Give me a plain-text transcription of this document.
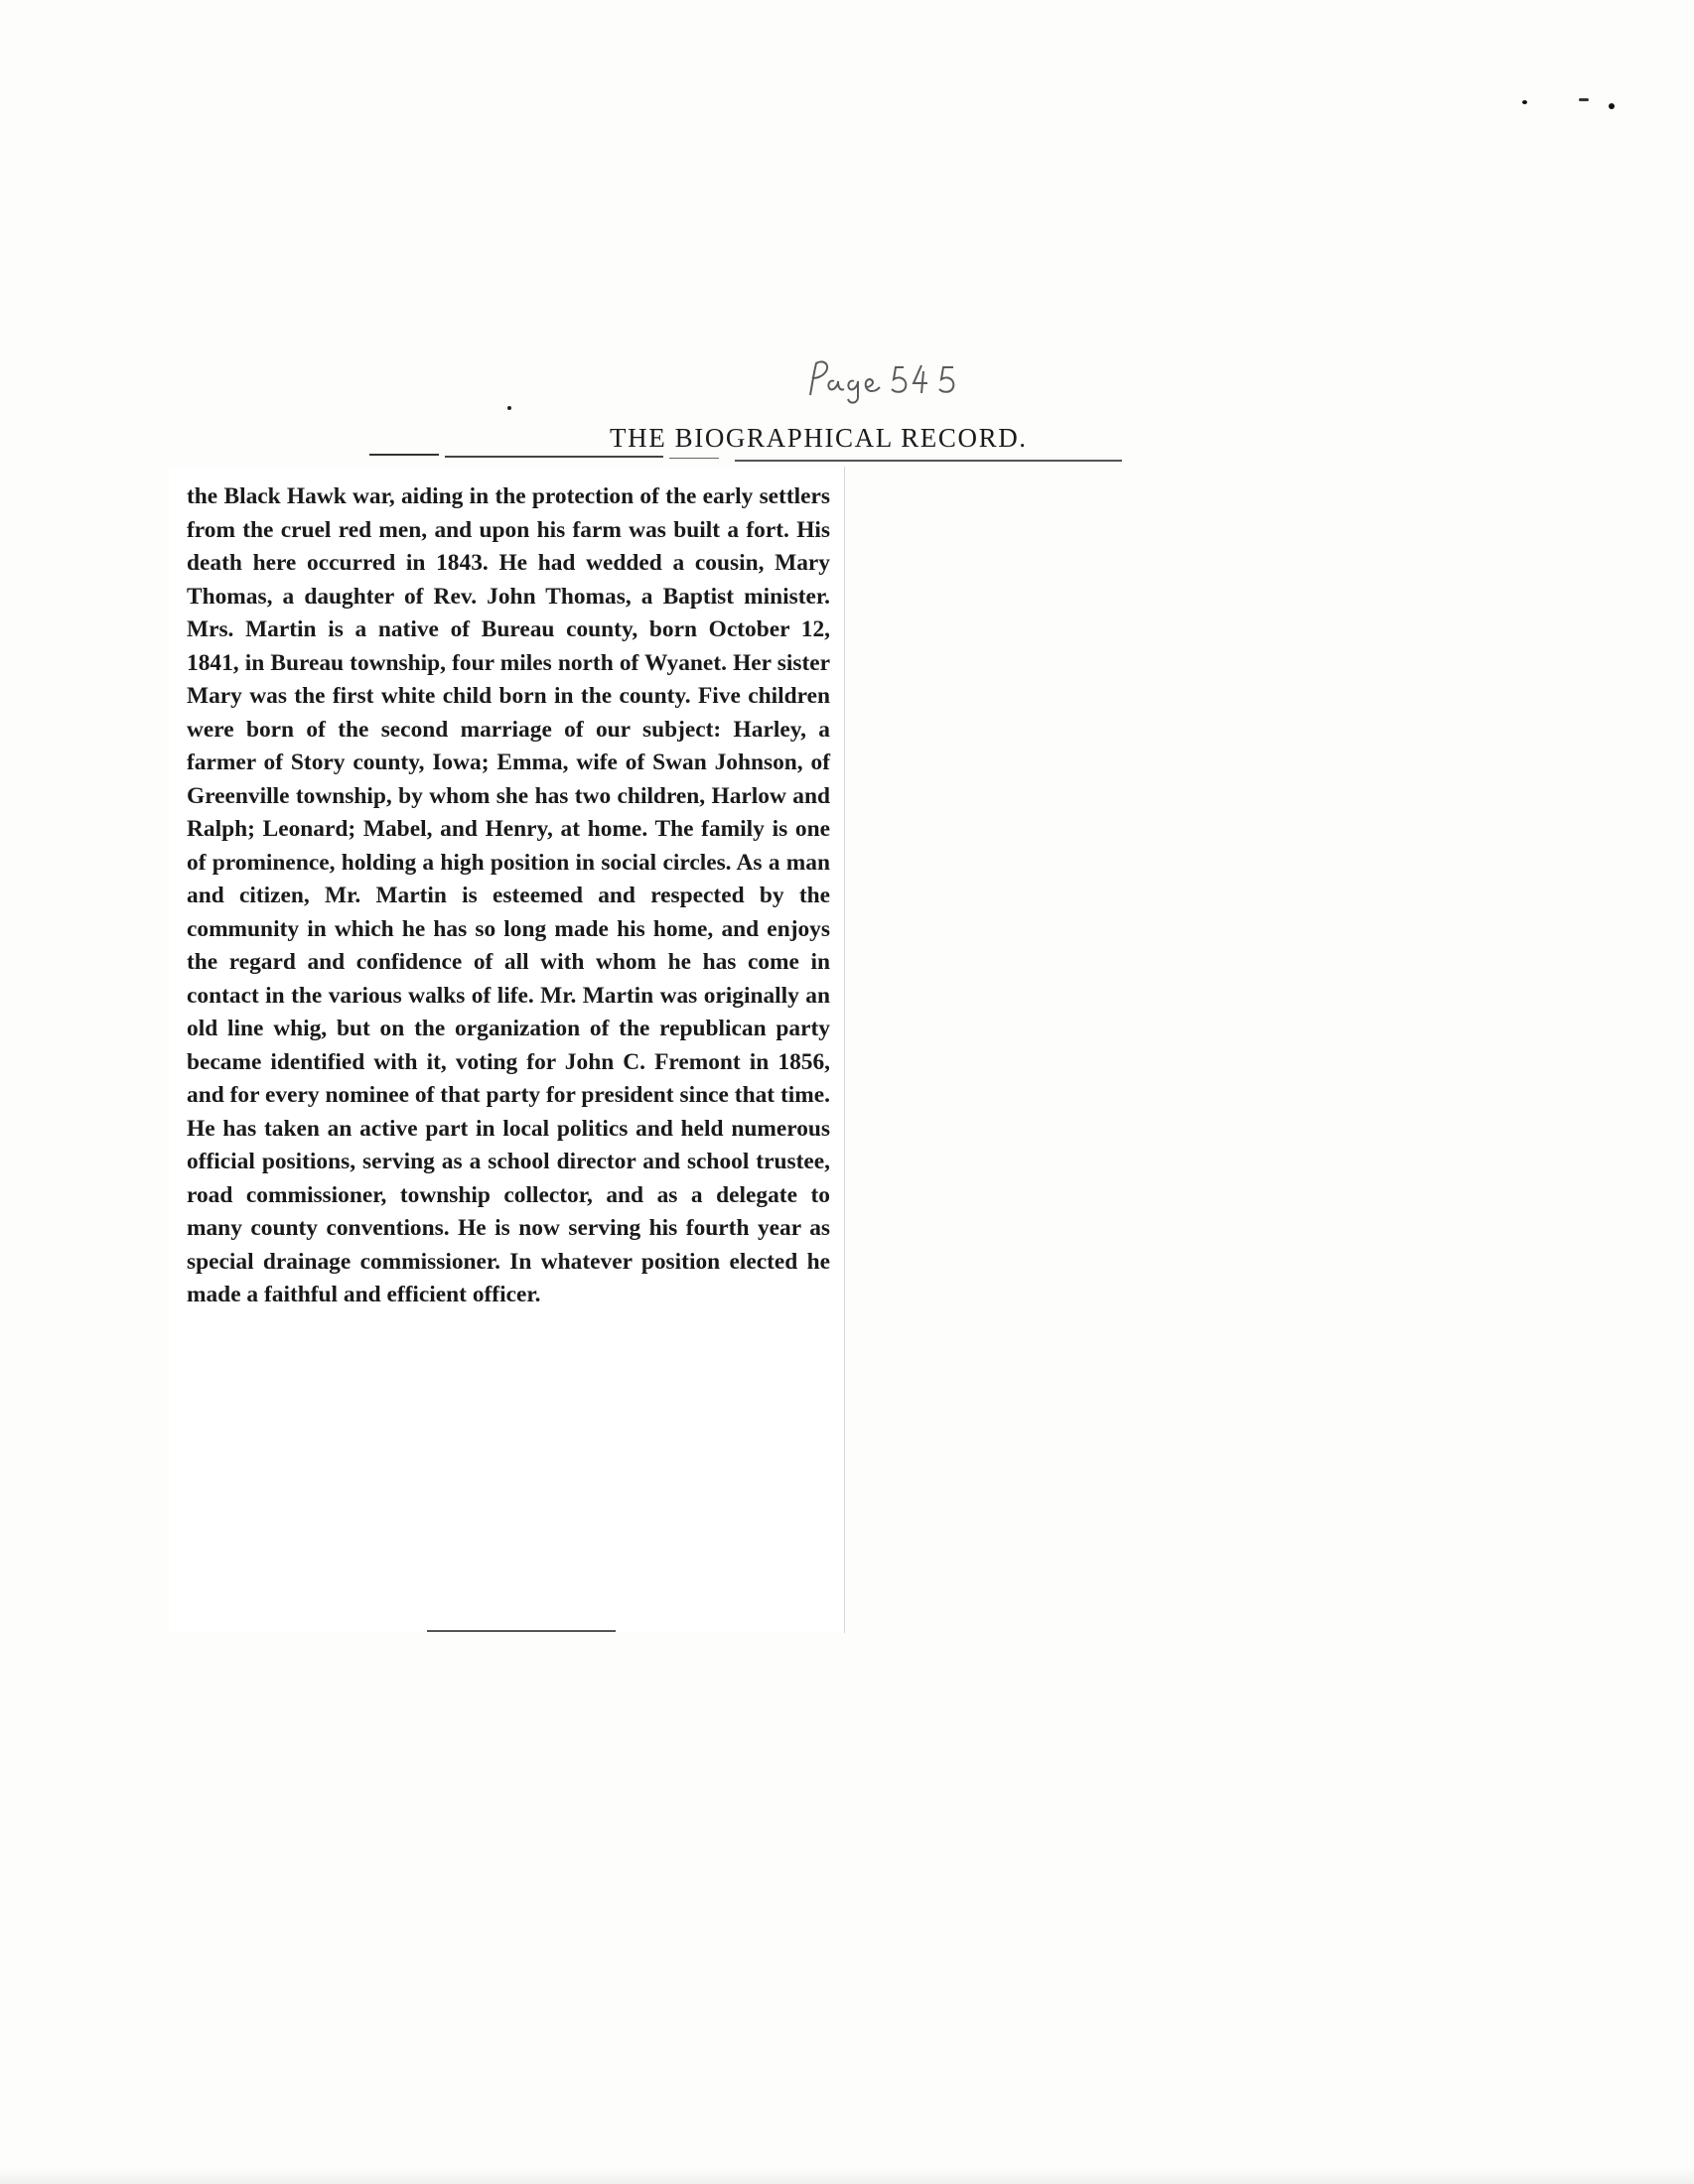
THE BIOGRAPHICAL RECORD.

the Black Hawk war, aiding in the protection of the early settlers from the cruel red men, and upon his farm was built a fort. His death here occurred in 1843. He had wedded a cousin, Mary Thomas, a daughter of Rev. John Thomas, a Baptist minister. Mrs. Martin is a native of Bureau county, born October 12, 1841, in Bureau township, four miles north of Wyanet. Her sister Mary was the first white child born in the county. Five children were born of the second marriage of our subject: Harley, a farmer of Story county, Iowa; Emma, wife of Swan Johnson, of Greenville township, by whom she has two children, Harlow and Ralph; Leonard; Mabel, and Henry, at home. The family is one of prominence, holding a high position in social circles. As a man and citizen, Mr. Martin is esteemed and respected by the community in which he has so long made his home, and enjoys the regard and confidence of all with whom he has come in contact in the various walks of life. Mr. Martin was originally an old line whig, but on the organization of the republican party became identified with it, voting for John C. Fremont in 1856, and for every nominee of that party for president since that time. He has taken an active part in local politics and held numerous official positions, serving as a school director and school trustee, road commissioner, township collector, and as a delegate to many county conventions. He is now serving his fourth year as special drainage commissioner. In whatever position elected he made a faithful and efficient officer.
